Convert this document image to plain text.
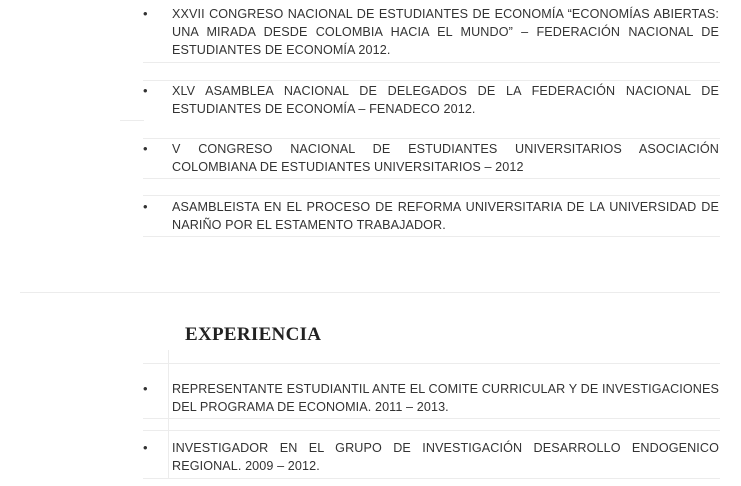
•	XXVII CONGRESO NACIONAL DE ESTUDIANTES DE ECONOMÍA “ECONOMÍAS ABIERTAS: UNA MIRADA DESDE COLOMBIA HACIA EL MUNDO” – FEDERACIÓN NACIONAL DE ESTUDIANTES DE ECONOMÍA 2012.
•	XLV ASAMBLEA NACIONAL DE DELEGADOS DE LA FEDERACIÓN NACIONAL DE ESTUDIANTES DE ECONOMÍA – FENADECO 2012.
•	V CONGRESO NACIONAL DE ESTUDIANTES UNIVERSITARIOS ASOCIACIÓN COLOMBIANA DE ESTUDIANTES UNIVERSITARIOS – 2012
•	ASAMBLEISTA EN EL PROCESO DE REFORMA UNIVERSITARIA DE LA UNIVERSIDAD DE NARIÑO POR EL ESTAMENTO TRABAJADOR.
EXPERIENCIA
•	REPRESENTANTE ESTUDIANTIL ANTE EL COMITE CURRICULAR Y DE INVESTIGACIONES DEL PROGRAMA DE ECONOMIA. 2011 – 2013.
•	INVESTIGADOR EN EL GRUPO DE INVESTIGACIÓN DESARROLLO ENDOGENICO REGIONAL. 2009 – 2012.
